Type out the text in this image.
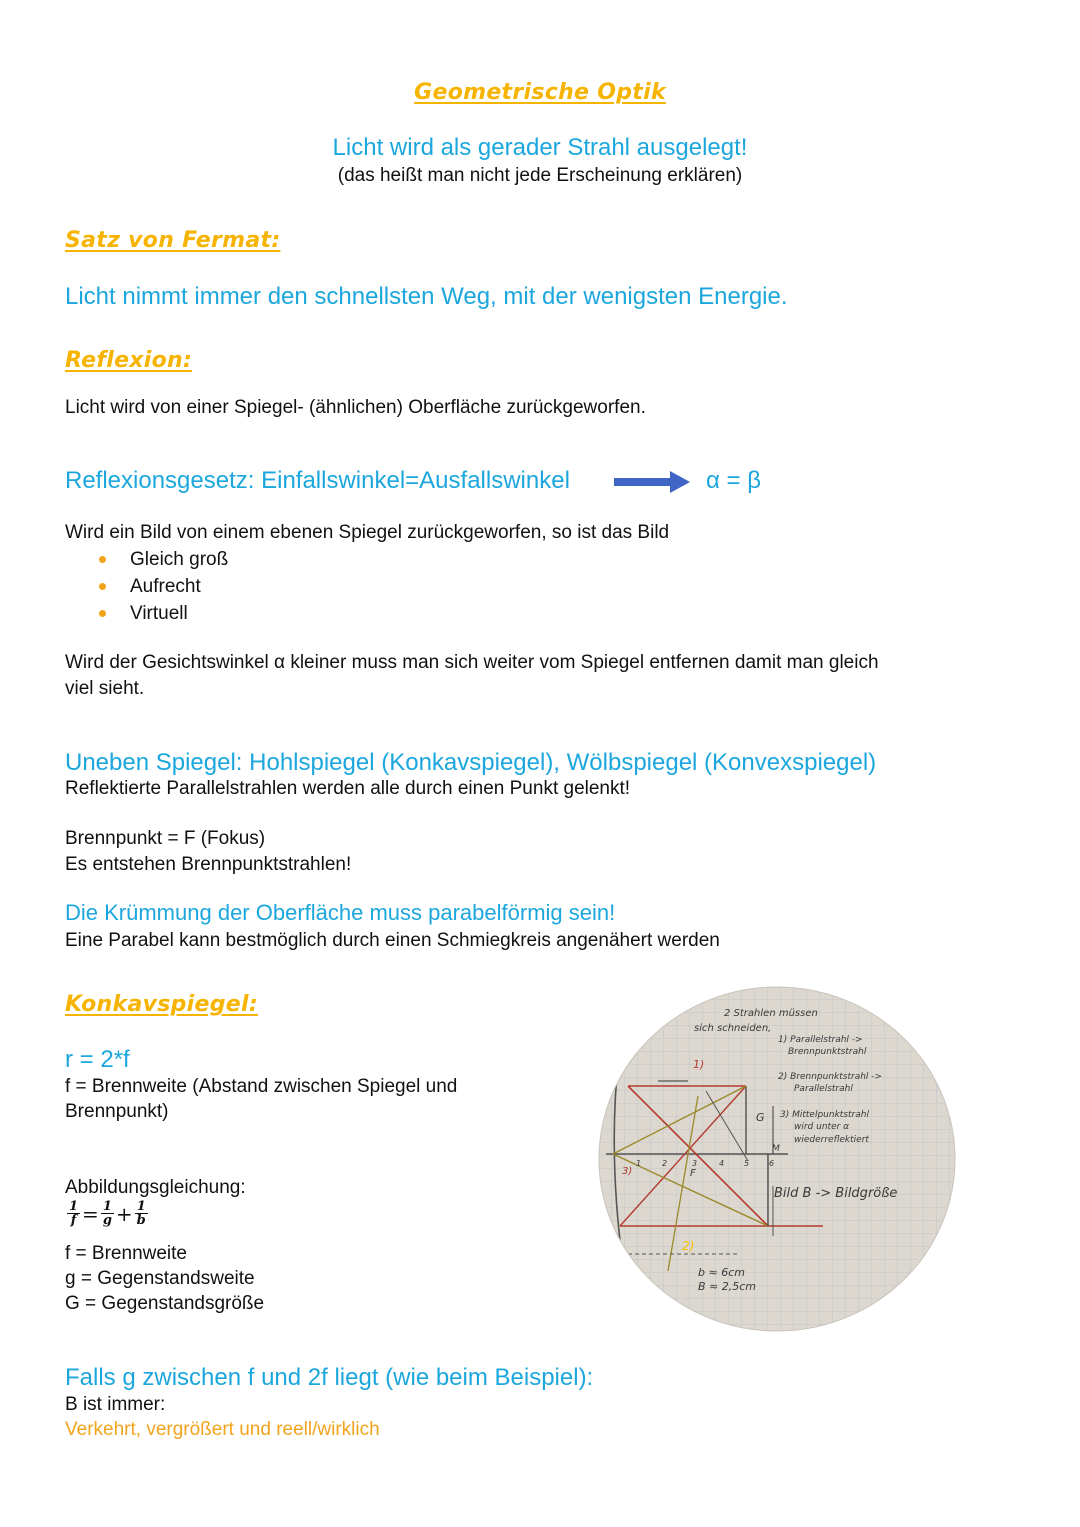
Geometrische Optik
Licht wird als gerader Strahl ausgelegt!
(das heißt man nicht jede Erscheinung erklären)
Satz von Fermat:
Licht nimmt immer den schnellsten Weg, mit der wenigsten Energie.
Reflexion:
Licht wird von einer Spiegel- (ähnlichen) Oberfläche zurückgeworfen.
Reflexionsgesetz: Einfallswinkel=Ausfallswinkel	α = β
Wird ein Bild von einem ebenen Spiegel zurückgeworfen, so ist das Bild
Gleich groß
Aufrecht
Virtuell
Wird der Gesichtswinkel α kleiner muss man sich weiter vom Spiegel entfernen damit man gleich
viel sieht.
Uneben Spiegel: Hohlspiegel (Konkavspiegel), Wölbspiegel (Konvexspiegel)
Reflektierte Parallelstrahlen werden alle durch einen Punkt gelenkt!
Brennpunkt = F (Fokus)
Es entstehen Brennpunktstrahlen!
Die Krümmung der Oberfläche muss parabelförmig sein!
Eine Parabel kann bestmöglich durch einen Schmiegkreis angenähert werden
Konkavspiegel:
r = 2*f
f = Brennweite (Abstand zwischen Spiegel und
Brennpunkt)
Abbildungsgleichung:
$\frac{1}{f} = \frac{1}{g} + \frac{1}{b}$
f = Brennweite
g = Gegenstandsweite
G = Gegenstandsgröße
2 Strahlen müssen
sich schneiden,
1) Parallelstrahl ->
Brennpunktstrahl
2) Brennpunktstrahl ->
Parallelstrahl
3) Mittelpunktstrahl
wird unter α
wiederreflektiert
Bild B -> Bildgröße
G
M
F
1)
2)
3)
b ≈ 6cm
B ≈ 2,5cm
1	2	3	4 5 6
Falls g zwischen f und 2f liegt (wie beim Beispiel):
B ist immer:
Verkehrt, vergrößert und reell/wirklich
